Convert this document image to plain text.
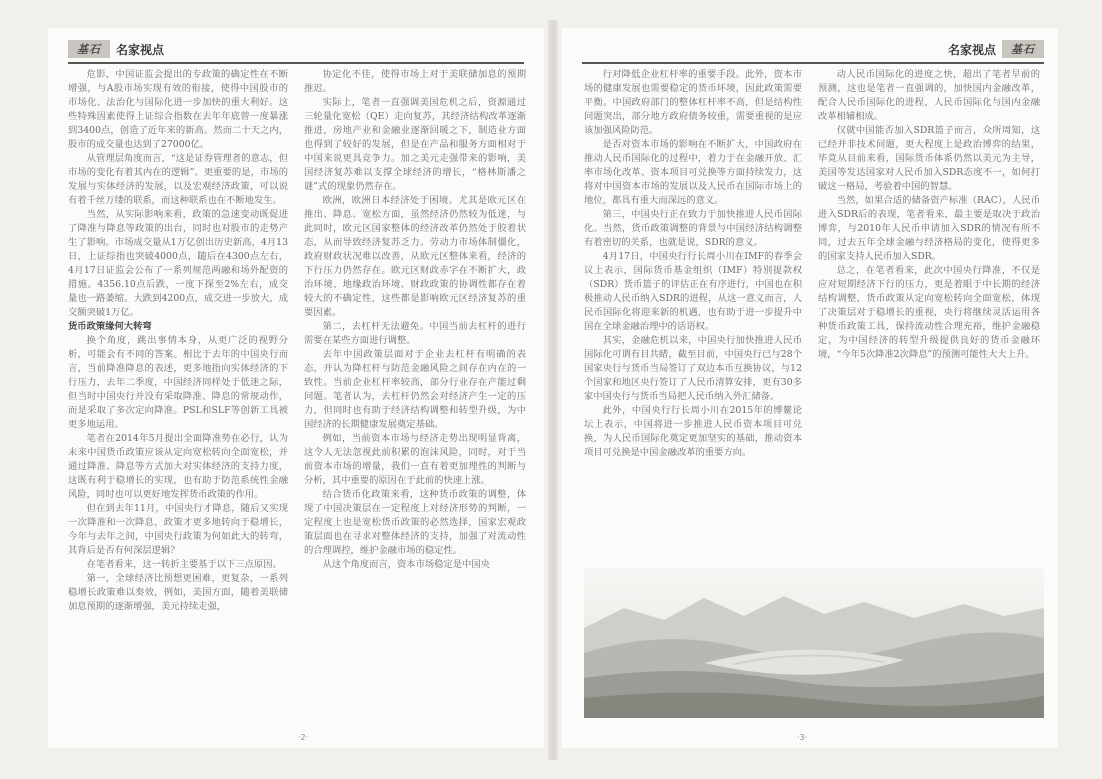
基石	名家视点

危影，中国证监会提出的专政策的确定性在不断增强，与A股市场实现有效的衔接，使得中国股市的市场化、法治化与国际化进一步加快的重大利好。这些特殊因素使得上证综合指数在去年年底曾一度暴涨到3400点，创造了近年来的新高。然而二十天之内，股市的成交量也达到了27000亿。

从管理层角度而言，“这是证券管理者的意志，但市场的变化有着其内在的逻辑”。更重要的是，市场的发展与实体经济的发展，以及宏观经济政策，可以说有着千丝万缕的联系，而这种联系也在不断地发生。

当然，从实际影响来看，政策的急速变动既促进了降准与降息等政策的出台，同时也对股市的走势产生了影响。市场成交量从1万亿创出历史新高，4月13日，上证综指也突破4000点，随后在4300点左右，4月17日证监会公布了一系列规范两融和场外配资的措施。4356.10点后跌，一度下探至2%左右，成交量也一路萎缩。大跌到4200点，成交进一步放大，成交额突破1万亿。

货币政策缘何大转弯

换个角度，跳出事情本身，从更广泛的视野分析，可能会有不同的答案。相比于去年的中国央行而言，当前降准降息的表述，更多地指向实体经济的下行压力，去年二季度，中国经济同样处于低迷之际，但当时中国央行并没有采取降准、降息的常规动作，而是采取了多次定向降准。PSL和SLF等创新工具被更多地运用。

笔者在2014年5月提出全面降准势在必行，认为未来中国货币政策应该从定向宽松转向全面宽松，并通过降准、降息等方式加大对实体经济的支持力度，这既有利于稳增长的实现，也有助于防范系统性金融风险，同时也可以更好地发挥货币政策的作用。

但在到去年11月，中国央行才降息，随后又实现一次降准和一次降息，政策才更多地转向于稳增长，今年与去年之间，中国央行政策为何如此大的转弯，其背后是否有何深层逻辑？

在笔者看来，这一转折主要基于以下三点原因。

第一，全球经济比预想更困难，更复杂，一系列稳增长政策难以奏效，例如，美国方面，随着美联储加息预期的逐渐增强，美元持续走强，

协定化不佳，使得市场上对于美联储加息的预期推迟。

实际上，笔者一直强调美国危机之后，资源通过三轮量化宽松（QE）走向复苏，其经济结构改革逐渐推进，房地产业和金融业逐渐回暖之下，制造业方面也得到了较好的发展，但是在产品和服务方面相对于中国来说更具竞争力。加之美元走强带来的影响，美国经济复苏难以支撑全球经济的增长，“格林斯潘之谜”式的现象仍然存在。

欧洲，欧洲日本经济处于困境。尤其是欧元区在推出、降息、宽松方面，虽然经济仍然较为低迷，与此同时，欧元区国家整体的经济改革仍然处于胶着状态，从而导致经济复苏乏力。劳动力市场体制僵化，政府财政状况难以改善，从欧元区整体来看，经济的下行压力仍然存在。欧元区财政赤字在不断扩大，政治环境、地缘政治环境、财政政策的协调性都存在着较大的不确定性，这些都是影响欧元区经济复苏的重要因素。

第二，去杠杆无法避免。中国当前去杠杆的进行需要在某些方面进行调整。

去年中国政策层面对于企业去杠杆有明确的表态，并认为降杠杆与防范金融风险之间存在内在的一致性。当前企业杠杆率较高，部分行业存在产能过剩问题。笔者认为，去杠杆仍然会对经济产生一定的压力，但同时也有助于经济结构调整和转型升级，为中国经济的长期健康发展奠定基础。

例如，当前资本市场与经济走势出现明显背离，这令人无法忽视此前积累的泡沫风险，同时，对于当前资本市场的增量，我们一直有着更加理性的判断与分析，其中重要的原因在于此前的快速上涨。

结合货币化政策来看，这种货币政策的调整，体现了中国决策层在一定程度上对经济形势的判断，一定程度上也是宽松货币政策的必然选择，国家宏观政策层面也在寻求对整体经济的支持，加强了对流动性的合理调控，维护金融市场的稳定性。

从这个角度而言，资本市场稳定是中国央

·2·
名家视点	基石

行对降低企业杠杆率的重要手段。此外，资本市场的健康发展也需要稳定的货币环境，因此政策需要平衡。中国政府部门的整体杠杆率不高，但是结构性问题突出，部分地方政府债务较重，需要重视的是应该加强风险防范。

是否对资本市场的影响在不断扩大，中国政府在推动人民币国际化的过程中，着力于在金融开放、汇率市场化改革、资本项目可兑换等方面持续发力，这将对中国资本市场的发展以及人民币在国际市场上的地位，都具有重大而深远的意义。

第三，中国央行正在致力于加快推进人民币国际化。当然，货币政策调整的背景与中国经济结构调整有着密切的关系，也就是说，SDR的意义。

4月17日，中国央行行长周小川在IMF的春季会议上表示，国际货币基金组织（IMF）特别提款权（SDR）货币篮子的评估正在有序进行，中国也在积极推动人民币纳入SDR的进程，从这一意义而言，人民币国际化将迎来新的机遇，也有助于进一步提升中国在全球金融治理中的话语权。

其实，金融危机以来，中国央行加快推进人民币国际化可谓有目共睹，截至目前，中国央行已与28个国家央行与货币当局签订了双边本币互换协议，与12个国家和地区央行签订了人民币清算安排，更有30多家中国央行与货币当局把人民币纳入外汇储备。

此外，中国央行行长周小川在2015年的博鳌论坛上表示，中国将进一步推进人民币资本项目可兑换，为人民币国际化奠定更加坚实的基础，推动资本项目可兑换是中国金融改革的重要方向。

动人民币国际化的进度之快，超出了笔者早前的预测，这也是笔者一直强调的，加快国内金融改革，配合人民币国际化的进程，人民币国际化与国内金融改革相辅相成。

仅就中国能否加入SDR篮子而言，众所周知，这已经并非技术问题，更大程度上是政治博弈的结果，毕竟从目前来看，国际货币体系仍然以美元为主导，美国等发达国家对人民币加入SDR态度不一，如何打破这一格局，考验着中国的智慧。

当然，如果合适的储备资产标准（RAC），人民币进入SDR后的表现，笔者看来，最主要是取决于政治博弈，与2010年人民币申请加入SDR的情况有所不同，过去五年全球金融与经济格局的变化，使得更多的国家支持人民币加入SDR。

总之，在笔者看来，此次中国央行降准，不仅是应对短期经济下行的压力，更是着眼于中长期的经济结构调整，货币政策从定向宽松转向全面宽松，体现了决策层对于稳增长的重视，央行将继续灵活运用各种货币政策工具，保持流动性合理充裕，维护金融稳定，为中国经济的转型升级提供良好的货币金融环境，“今年5次降准2次降息”的预测可能性大大上升。

·3·
